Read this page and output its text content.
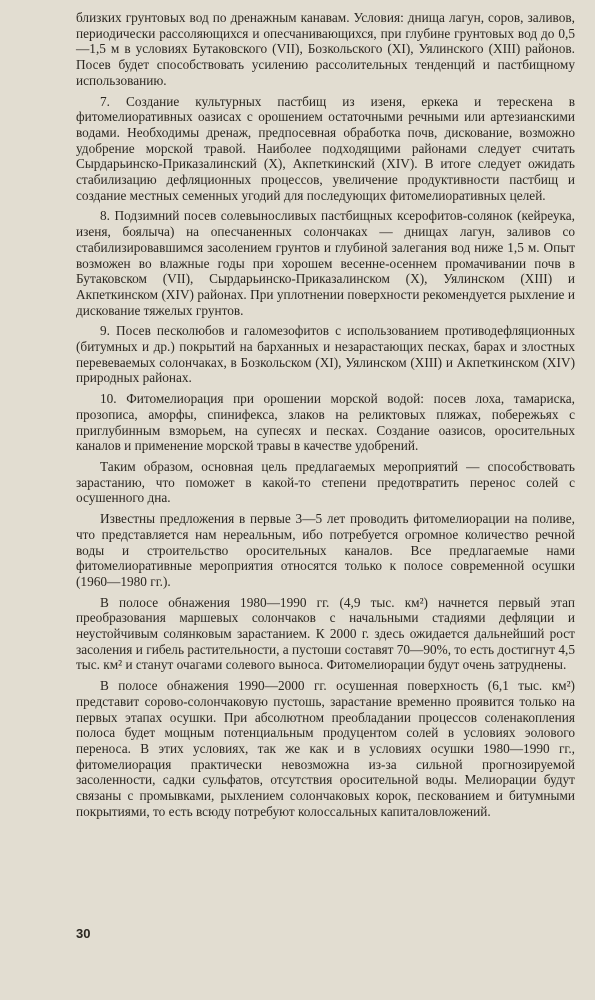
близких грунтовых вод по дренажным канавам. Условия: днища лагун, соров, заливов, периодически рассоляющихся и опесчанивающихся, при глубине грунтовых вод до 0,5—1,5 м в условиях Бутаковского (VII), Бозкольского (XI), Уялинского (XIII) районов. Посев будет способствовать усилению рассолительных тенденций и пастбищному использованию.

7. Создание культурных пастбищ из изеня, еркека и терескена в фитомелиоративных оазисах с орошением остаточными речными или артезианскими водами. Необходимы дренаж, предпосевная обработка почв, дискование, возможно удобрение морской травой. Наиболее подходящими районами следует считать Сырдарьинско-Приказалинский (X), Акпеткинский (XIV). В итоге следует ожидать стабилизацию дефляционных процессов, увеличение продуктивности пастбищ и создание местных семенных угодий для последующих фитомелиоративных целей.

8. Подзимний посев солевыносливых пастбищных ксерофитов-солянок (кейреука, изеня, боялыча) на опесчаненных солончаках — днищах лагун, заливов со стабилизировавшимся засолением грунтов и глубиной залегания вод ниже 1,5 м. Опыт возможен во влажные годы при хорошем весенне-осеннем промачивании почв в Бутаковском (VII), Сырдарьинско-Приказалинском (X), Уялинском (XIII) и Акпеткинском (XIV) районах. При уплотнении поверхности рекомендуется рыхление и дискование тяжелых грунтов.

9. Посев песколюбов и галомезофитов с использованием противодефляционных (битумных и др.) покрытий на барханных и незарастающих песках, барах и злостных перевеваемых солончаках, в Бозкольском (XI), Уялинском (XIII) и Акпеткинском (XIV) природных районах.

10. Фитомелиорация при орошении морской водой: посев лоха, тамариска, прозописа, аморфы, спинифекса, злаков на реликтовых пляжах, побережьях с приглубинным взморьем, на супесях и песках. Создание оазисов, оросительных каналов и применение морской травы в качестве удобрений.

Таким образом, основная цель предлагаемых мероприятий — способствовать зарастанию, что поможет в какой-то степени предотвратить перенос солей с осушенного дна.

Известны предложения в первые 3—5 лет проводить фитомелиорации на поливе, что представляется нам нереальным, ибо потребуется огромное количество речной воды и строительство оросительных каналов. Все предлагаемые нами фитомелиоративные мероприятия относятся только к полосе современной осушки (1960—1980 гг.).

В полосе обнажения 1980—1990 гг. (4,9 тыс. км²) начнется первый этап преобразования маршевых солончаков с начальными стадиями дефляции и неустойчивым солянковым зарастанием. К 2000 г. здесь ожидается дальнейший рост засоления и гибель растительности, а пустоши составят 70—90%, то есть достигнут 4,5 тыс. км² и станут очагами солевого выноса. Фитомелиорации будут очень затруднены.

В полосе обнажения 1990—2000 гг. осушенная поверхность (6,1 тыс. км²) представит сорово-солончаковую пустошь, зарастание временно проявится только на первых этапах осушки. При абсолютном преобладании процессов соленакопления полоса будет мощным потенциальным продуцентом солей в условиях эолового переноса. В этих условиях, так же как и в условиях осушки 1980—1990 гг., фитомелиорация практически невозможна из-за сильной прогнозируемой засоленности, садки сульфатов, отсутствия оросительной воды. Мелиорации будут связаны с промывками, рыхлением солончаковых корок, пескованием и битумными покрытиями, то есть всюду потребуют колоссальных капиталовложений.

30
